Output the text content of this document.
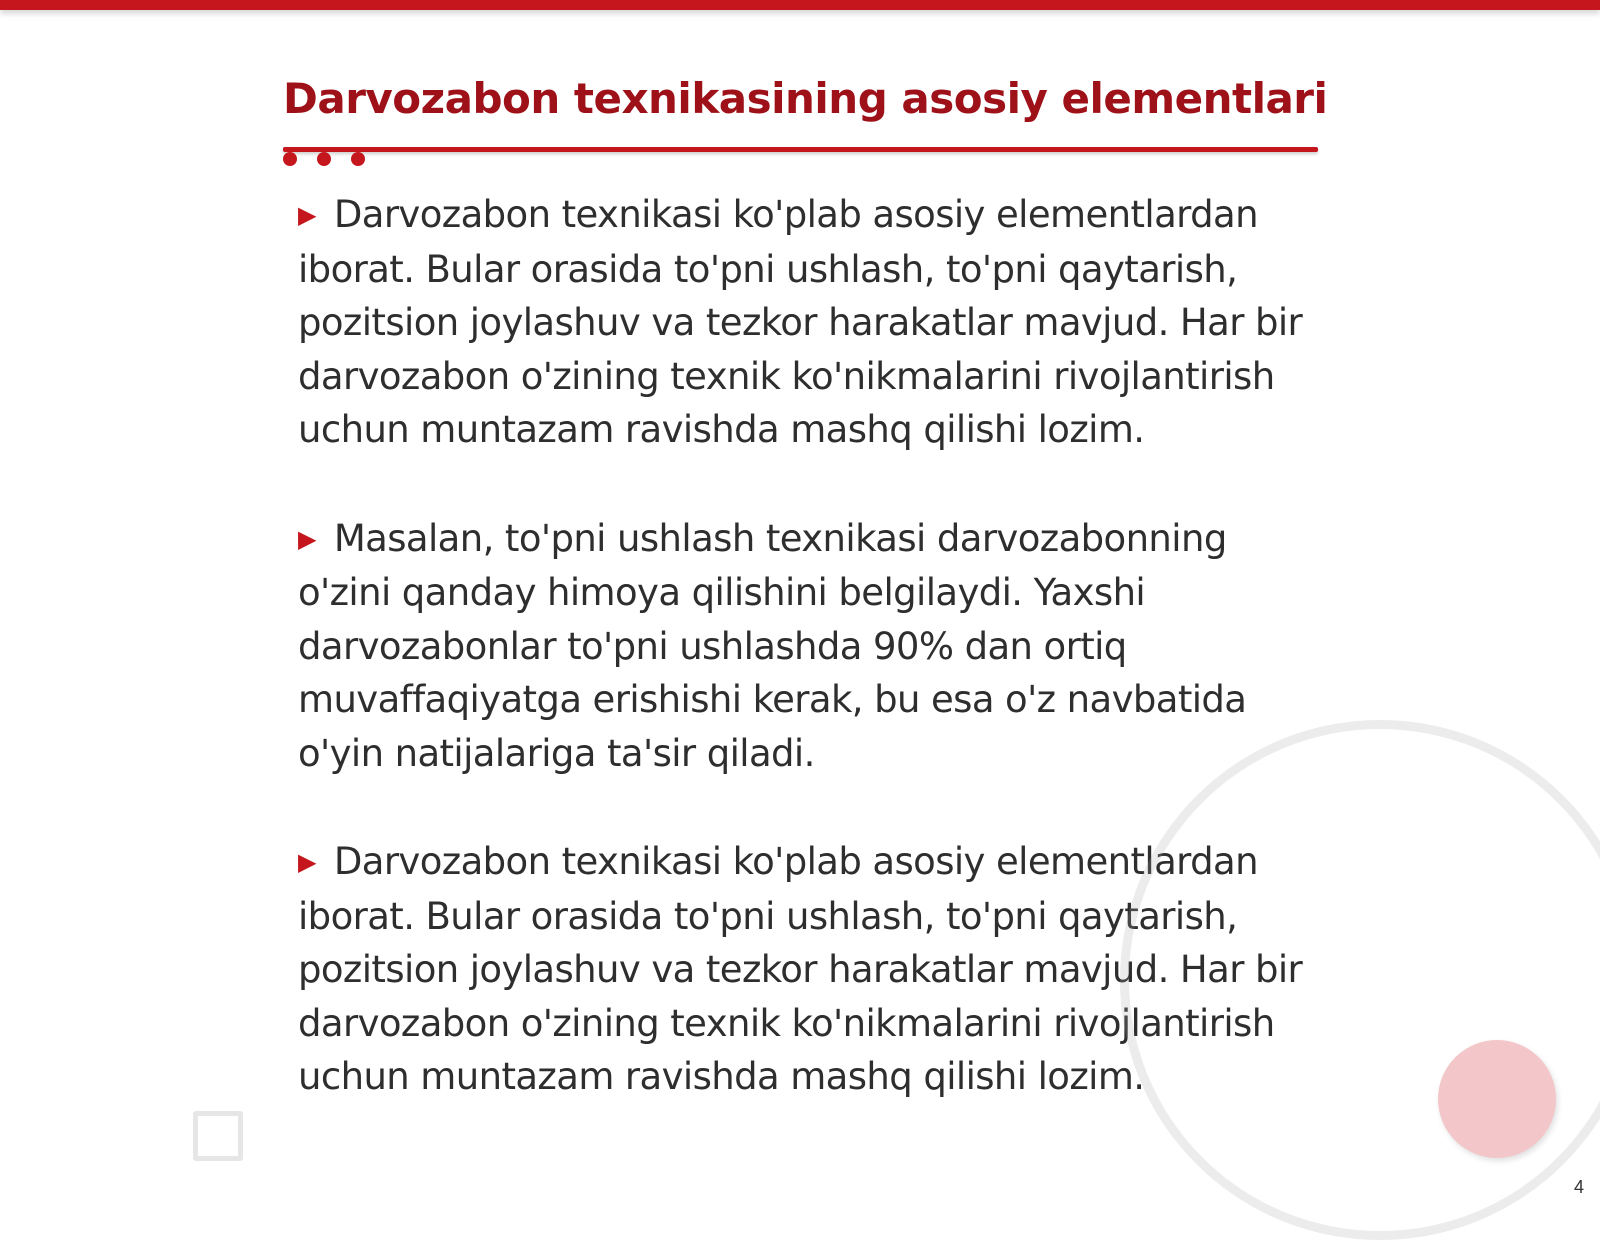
Darvozabon texnikasining asosiy elementlari

▶ Darvozabon texnikasi ko'plab asosiy elementlardan iborat. Bular orasida to'pni ushlash, to'pni qaytarish, pozitsion joylashuv va tezkor harakatlar mavjud. Har bir darvozabon o'zining texnik ko'nikmalarini rivojlantirish uchun muntazam ravishda mashq qilishi lozim.

▶ Masalan, to'pni ushlash texnikasi darvozabonning o'zini qanday himoya qilishini belgilaydi. Yaxshi darvozabonlar to'pni ushlashda 90% dan ortiq muvaffaqiyatga erishishi kerak, bu esa o'z navbatida o'yin natijalariga ta'sir qiladi.

▶ Darvozabon texnikasi ko'plab asosiy elementlardan iborat. Bular orasida to'pni ushlash, to'pni qaytarish, pozitsion joylashuv va tezkor harakatlar mavjud. Har bir darvozabon o'zining texnik ko'nikmalarini rivojlantirish uchun muntazam ravishda mashq qilishi lozim.

4
